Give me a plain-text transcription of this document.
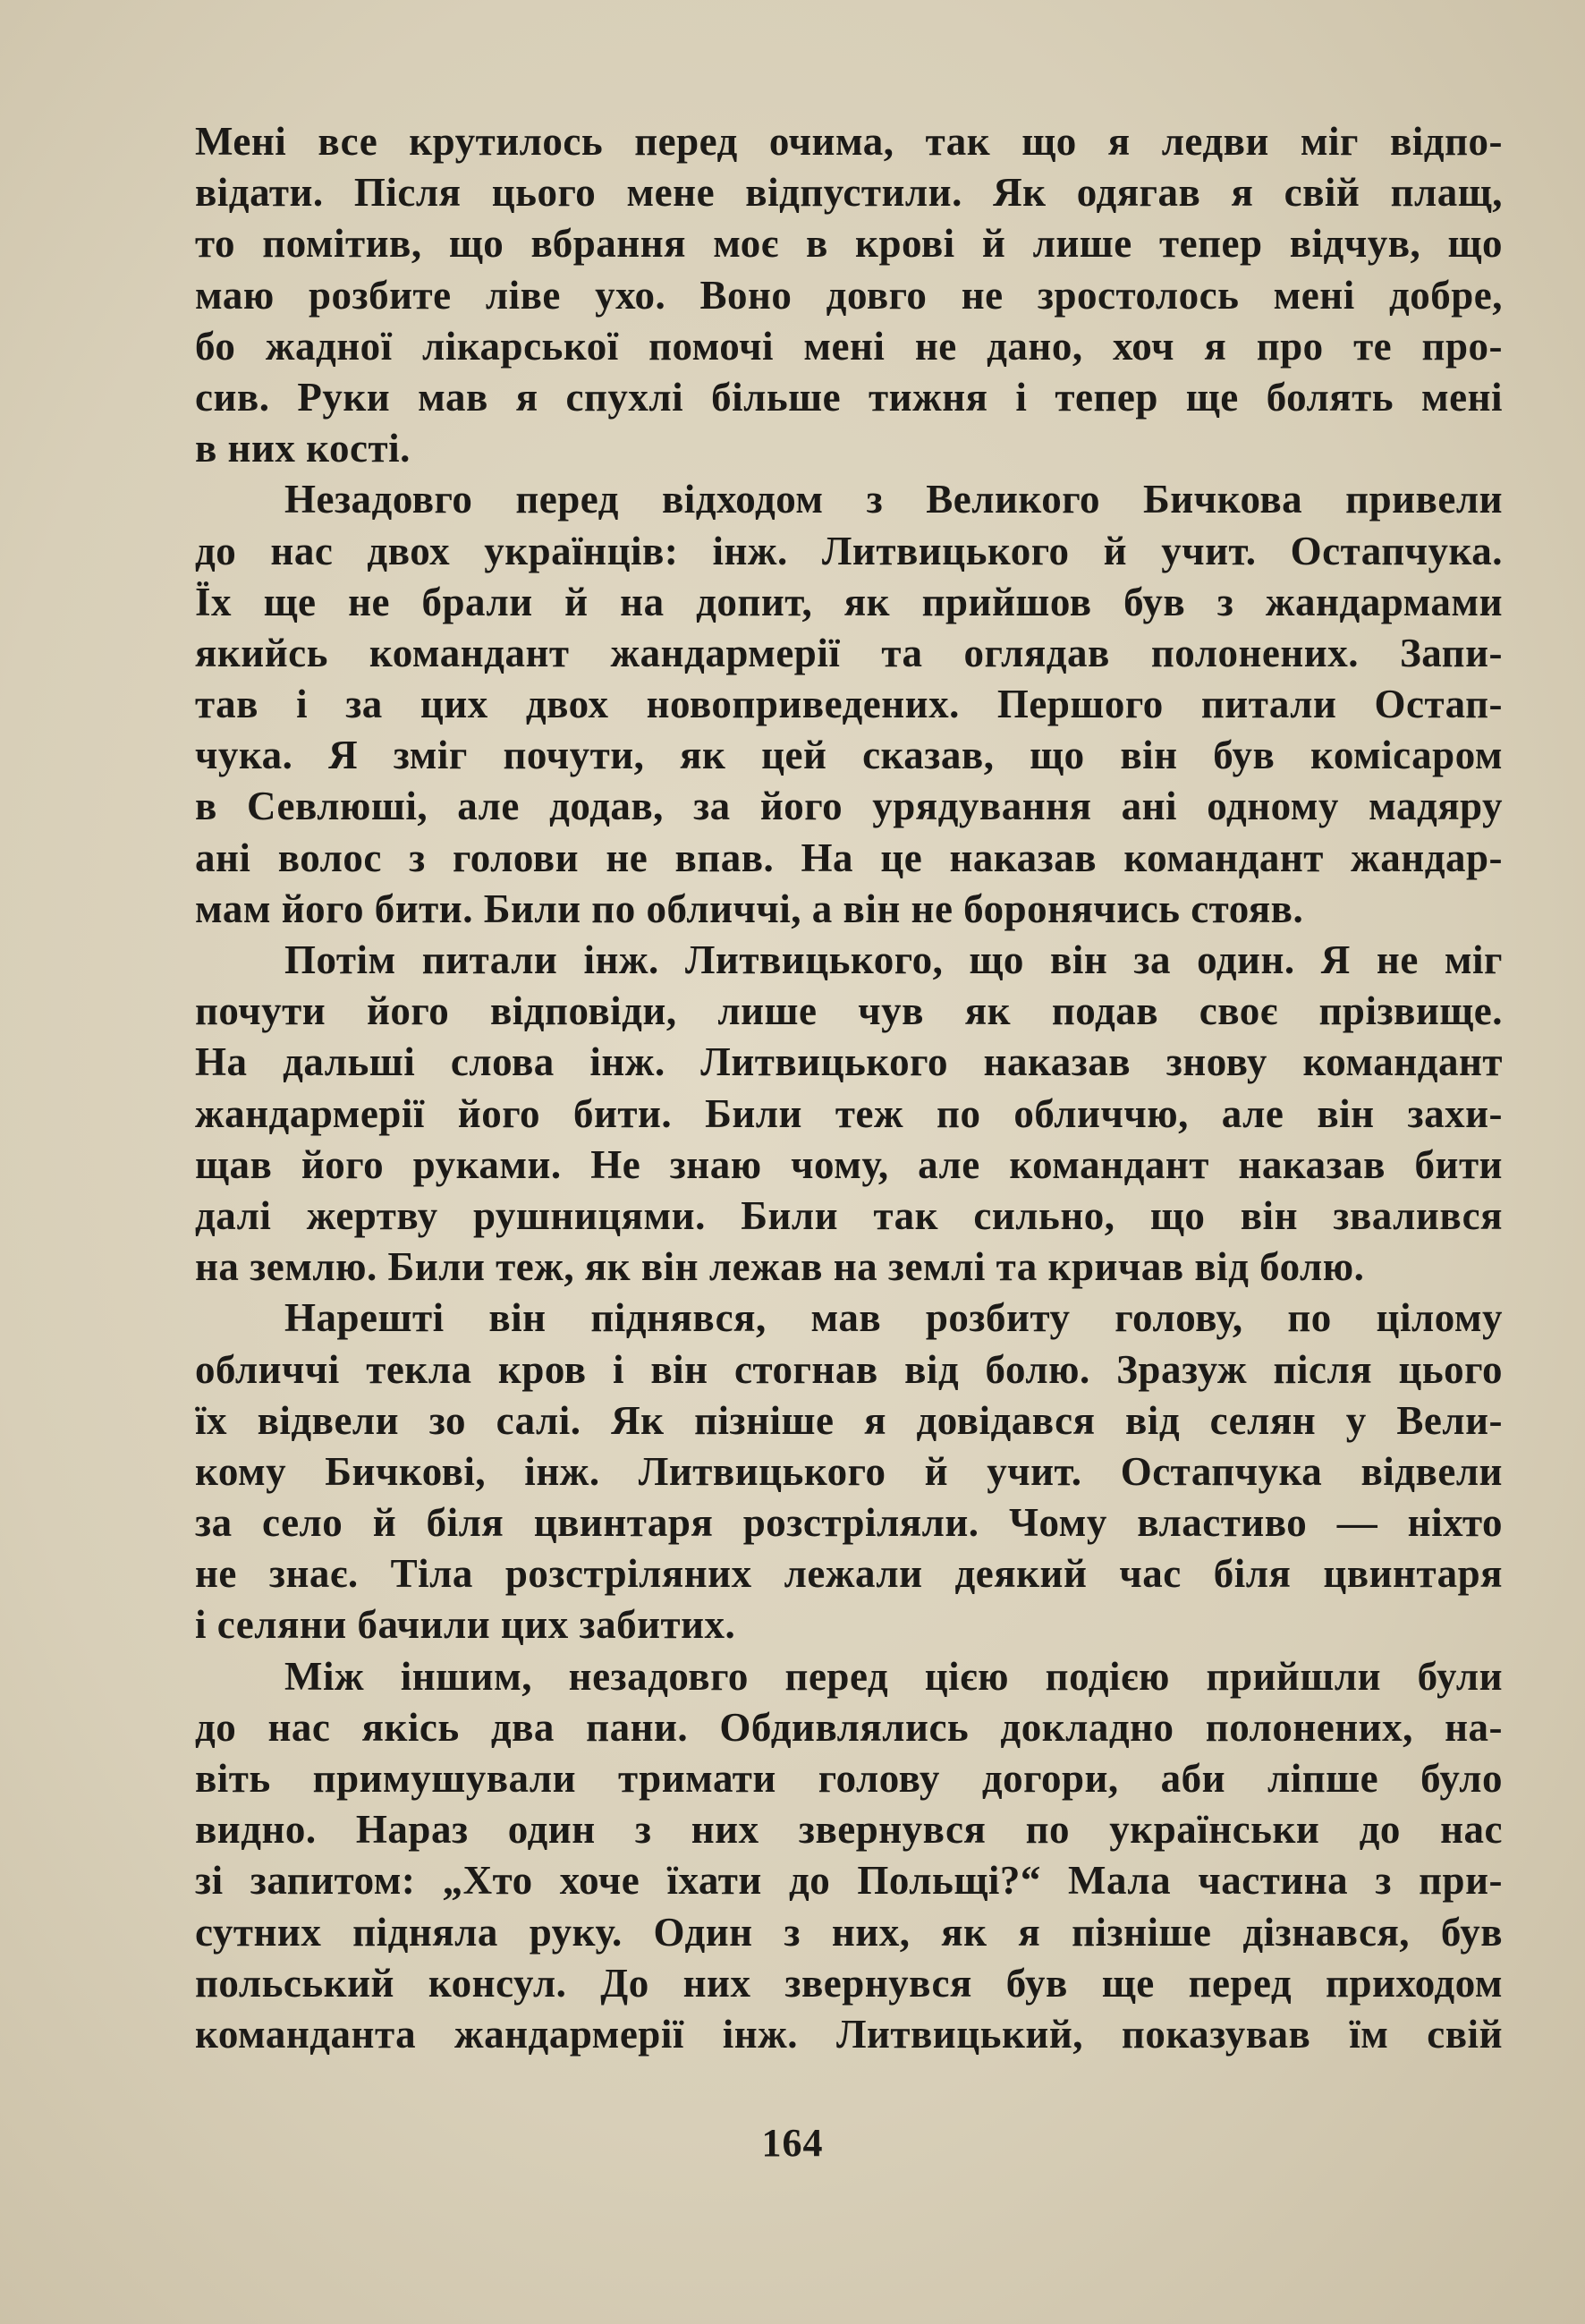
Мені все крутилось перед очима, так що я ледви міг відпо-
відати. Після цього мене відпустили. Як одягав я свій плащ,
то помітив, що вбрання моє в крові й лише тепер відчув, що
маю розбите ліве ухо. Воно довго не зростолось мені добре,
бо жадної лікарської помочі мені не дано, хоч я про те про-
сив. Руки мав я спухлі більше тижня і тепер ще болять мені
в них кості.
Незадовго перед відходом з Великого Бичкова привели
до нас двох українців: інж. Литвицького й учит. Остапчука.
Їх ще не брали й на допит, як прийшов був з жандармами
якийсь командант жандармерії та оглядав полонених. Запи-
тав і за цих двох новоприведених. Першого питали Остап-
чука. Я зміг почути, як цей сказав, що він був комісаром
в Севлюші, але додав, за його урядування ані одному мадяру
ані волос з голови не впав. На це наказав командант жандар-
мам його бити. Били по обличчі, а він не боронячись стояв.
Потім питали інж. Литвицького, що він за один. Я не міг
почути його відповіди, лише чув як подав своє прізвище.
На дальші слова інж. Литвицького наказав знову командант
жандармерії його бити. Били теж по обличчю, але він захи-
щав його руками. Не знаю чому, але командант наказав бити
далі жертву рушницями. Били так сильно, що він звалився
на землю. Били теж, як він лежав на землі та кричав від болю.
Нарешті він піднявся, мав розбиту голову, по цілому
обличчі текла кров і він стогнав від болю. Зразуж після цього
їх відвели зо салі. Як пізніше я довідався від селян у Вели-
кому Бичкові, інж. Литвицького й учит. Остапчука відвели
за село й біля цвинтаря розстріляли. Чому властиво — ніхто
не знає. Тіла розстріляних лежали деякий час біля цвинтаря
і селяни бачили цих забитих.
Між іншим, незадовго перед цією подією прийшли були
до нас якісь два пани. Обдивлялись докладно полонених, на-
віть примушували тримати голову догори, аби ліпше було
видно. Нараз один з них звернувся по українськи до нас
зі запитом: „Хто хоче їхати до Польщі?“ Мала частина з при-
сутних підняла руку. Один з них, як я пізніше дізнався, був
польський консул. До них звернувся був ще перед приходом
команданта жандармерії інж. Литвицький, показував їм свій
164
